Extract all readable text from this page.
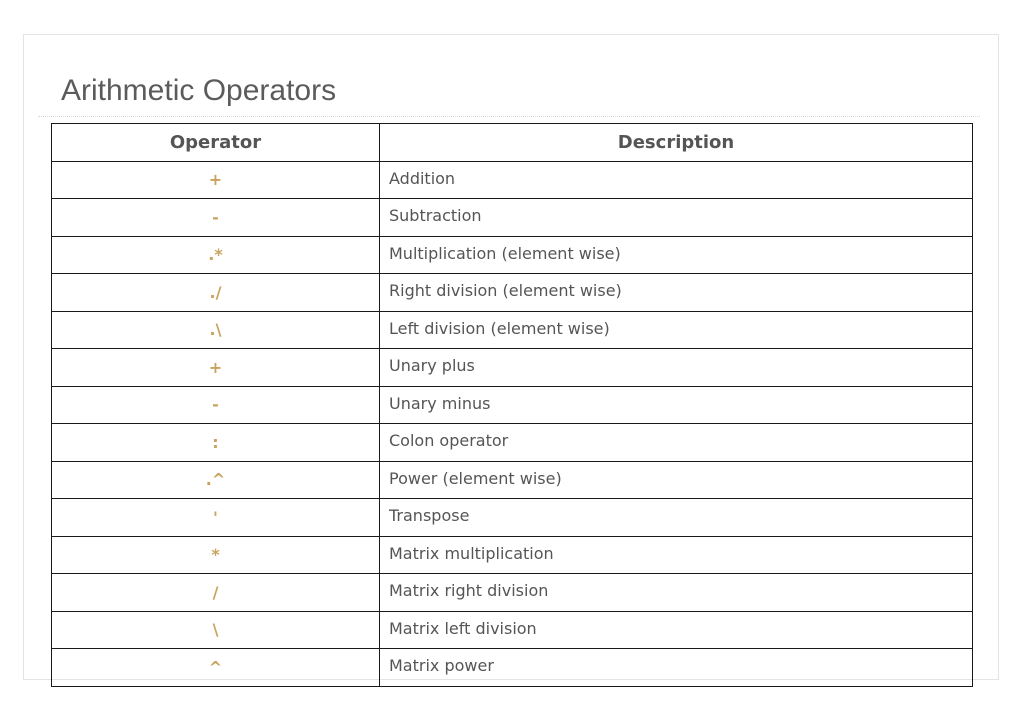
Arithmetic Operators
Operator	Description
+	Addition
-	Subtraction
.*	Multiplication (element wise)
./	Right division (element wise)
.\	Left division (element wise)
+	Unary plus
-	Unary minus
:	Colon operator
.^	Power (element wise)
'	Transpose
*	Matrix multiplication
/	Matrix right division
\	Matrix left division
^	Matrix power
